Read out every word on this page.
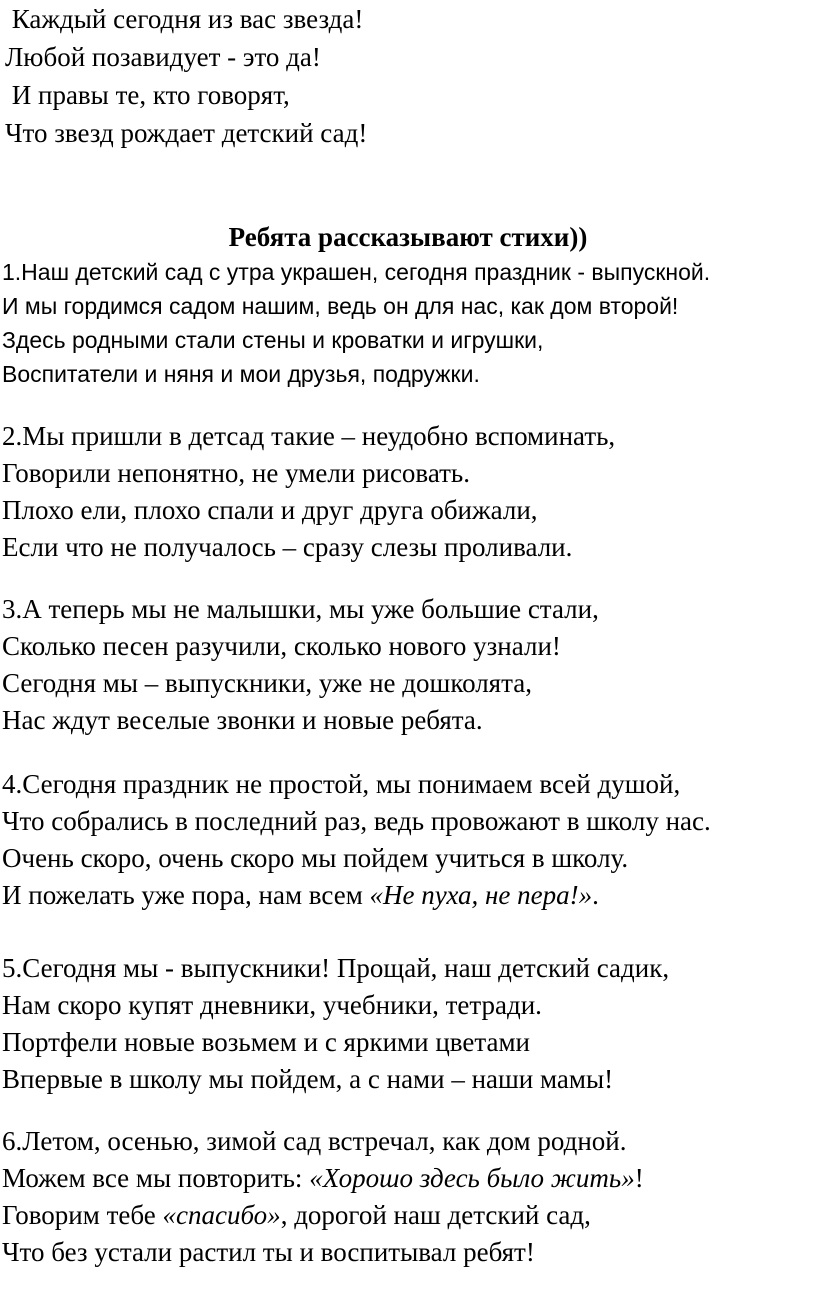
Каждый сегодня из вас звезда!
Любой позавидует - это да!
И правы те, кто говорят,
Что звезд рождает детский сад!
Ребята рассказывают стихи))
1.Наш детский сад с утра украшен, сегодня праздник - выпускной.
И мы гордимся садом нашим, ведь он для нас, как дом второй!
Здесь родными стали стены и кроватки и игрушки,
Воспитатели и няня и мои друзья, подружки.
2.Мы пришли в детсад такие – неудобно вспоминать,
Говорили непонятно, не умели рисовать.
Плохо ели, плохо спали и друг друга обижали,
Если что не получалось – сразу слезы проливали.
3.А теперь мы не малышки, мы уже большие стали,
Сколько песен разучили, сколько нового узнали!
Сегодня мы – выпускники, уже не дошколята,
Нас ждут веселые звонки и новые ребята.
4.Сегодня праздник не простой, мы понимаем всей душой,
Что собрались в последний раз, ведь провожают в школу нас.
Очень скоро, очень скоро мы пойдем учиться в школу.
И пожелать уже пора, нам всем «Не пуха, не пера!».
5.Сегодня мы - выпускники! Прощай, наш детский садик,
Нам скоро купят дневники, учебники, тетради.
Портфели новые возьмем и с яркими цветами
Впервые в школу мы пойдем, а с нами – наши мамы!
6.Летом, осенью, зимой сад встречал, как дом родной.
Можем все мы повторить: «Хорошо здесь было жить»!
Говорим тебе «спасибо», дорогой наш детский сад,
Что без устали растил ты и воспитывал ребят!
